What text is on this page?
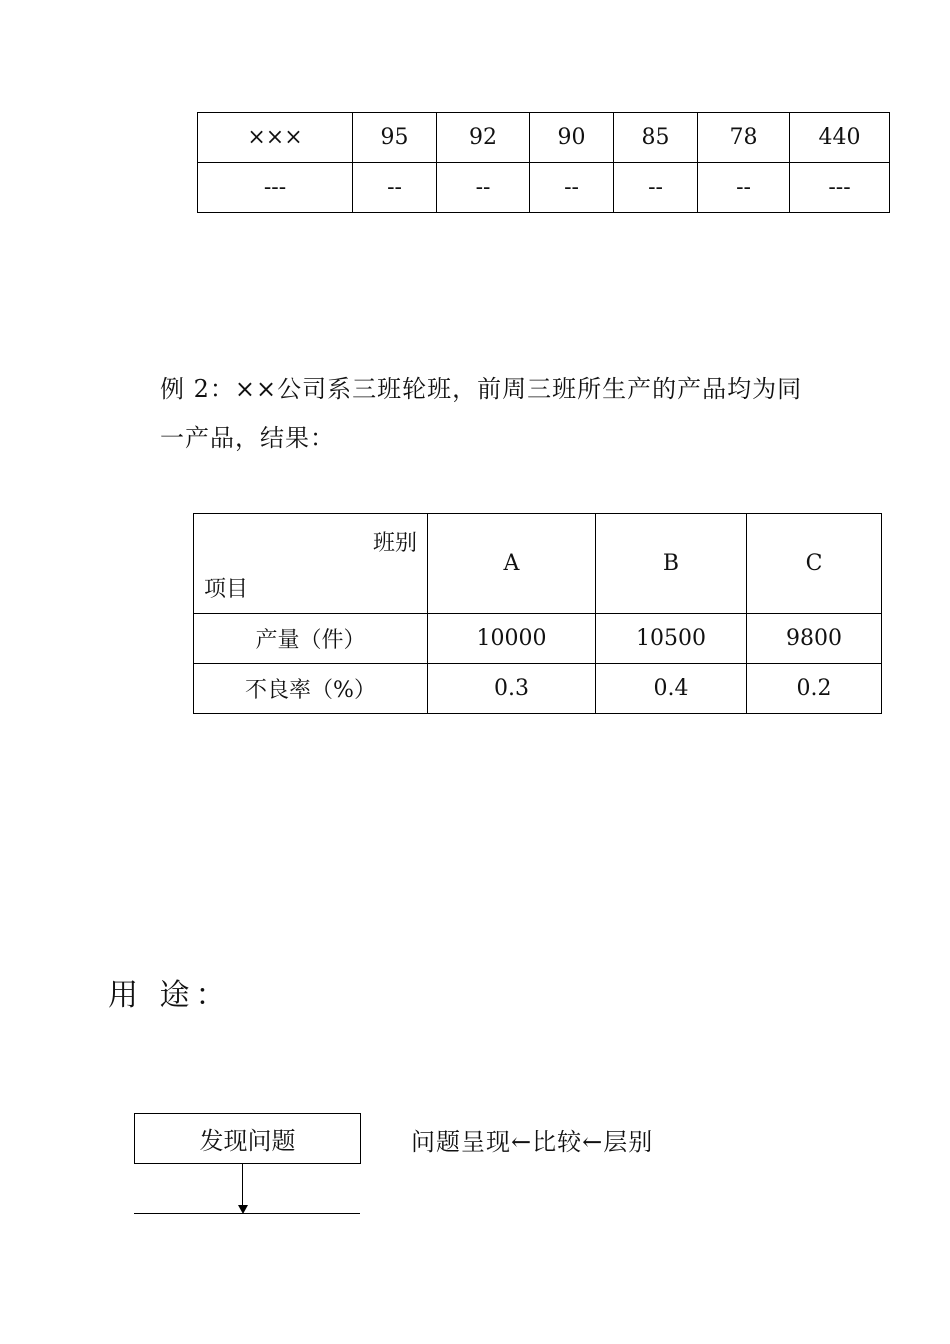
×××	95	92	90	85	78	440
---	--	--	--	--	--	---
例 2：××公司系三班轮班，前周三班所生产的产品均为同
一产品，结果：
班别
项目	A	B	C
产量（件）	10000	10500	9800
不良率（%）	0.3	0.4	0.2
用 途：
发现问题	问题呈现←比较←层别
